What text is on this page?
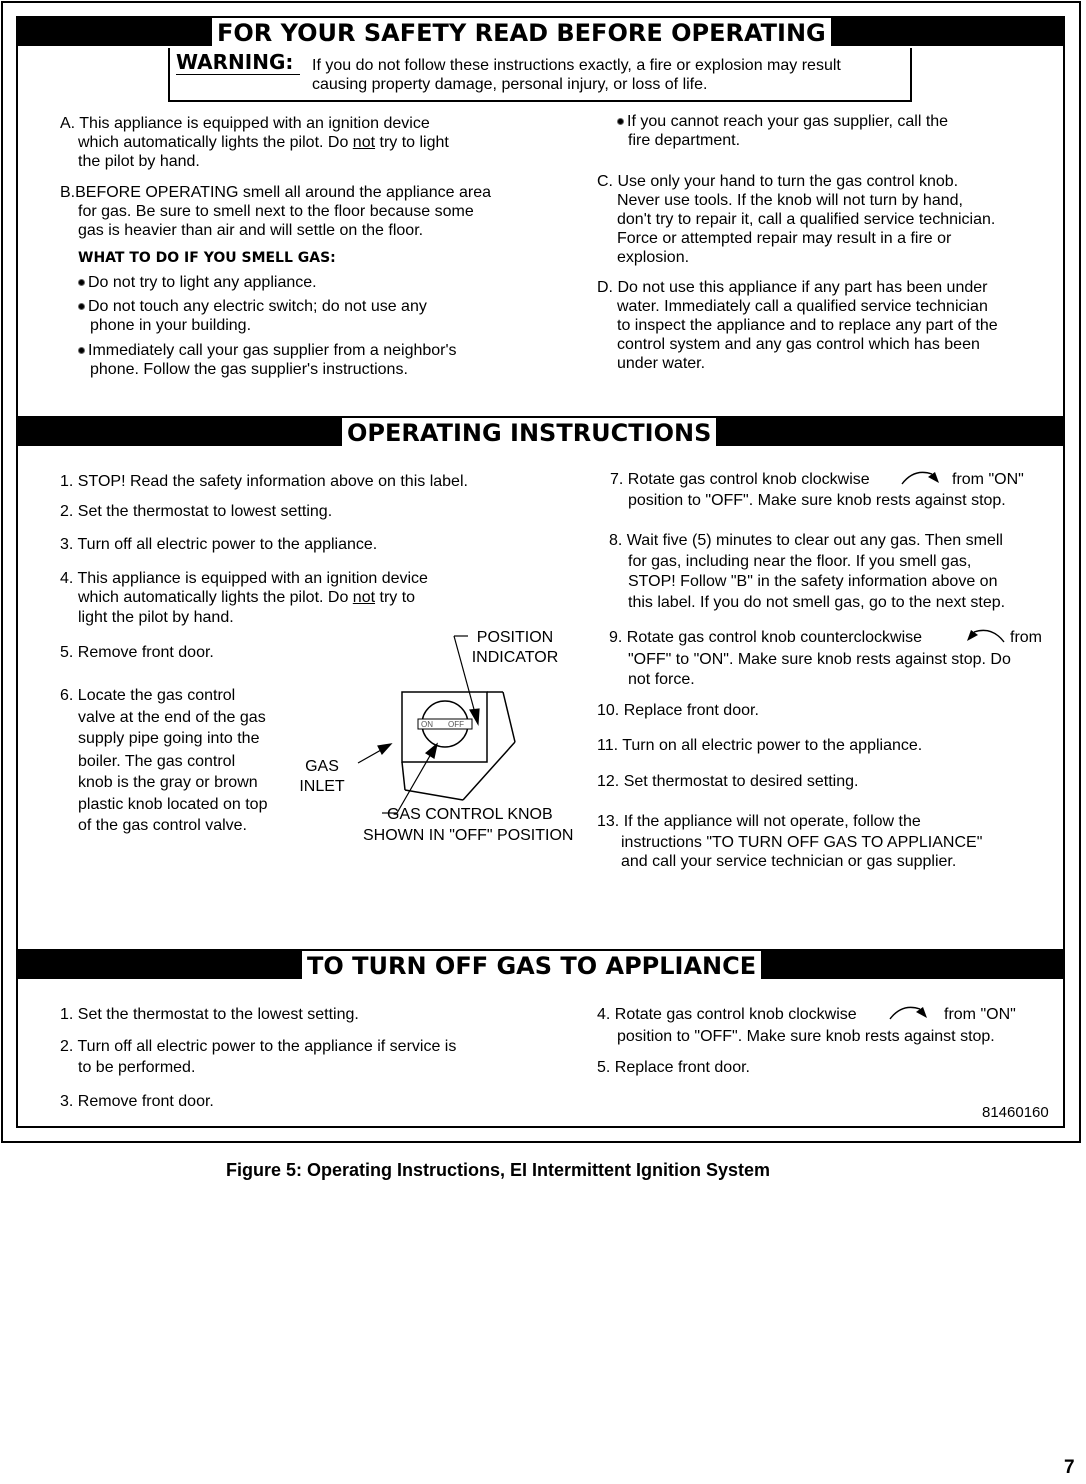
FOR YOUR SAFETY READ BEFORE OPERATING
WARNING: If you do not follow these instructions exactly, a fire or explosion may result
causing property damage, personal injury, or loss of life.
A. This appliance is equipped with an ignition device
which automatically lights the pilot. Do not try to light
the pilot by hand.
B.BEFORE OPERATING smell all around the appliance area
for gas. Be sure to smell next to the floor because some
gas is heavier than air and will settle on the floor.
WHAT TO DO IF YOU SMELL GAS:
Do not try to light any appliance.
Do not touch any electric switch; do not use any
phone in your building.
Immediately call your gas supplier from a neighbor's
phone. Follow the gas supplier's instructions.
If you cannot reach your gas supplier, call the
fire department.
C. Use only your hand to turn the gas control knob.
Never use tools. If the knob will not turn by hand,
don't try to repair it, call a qualified service technician.
Force or attempted repair may result in a fire or
explosion.
D. Do not use this appliance if any part has been under
water. Immediately call a qualified service technician
to inspect the appliance and to replace any part of the
control system and any gas control which has been
under water.
OPERATING INSTRUCTIONS
1. STOP! Read the safety information above on this label.
2. Set the thermostat to lowest setting.
3. Turn off all electric power to the appliance.
4. This appliance is equipped with an ignition device
which automatically lights the pilot. Do not try to
light the pilot by hand.
5. Remove front door.
6. Locate the gas control
valve at the end of the gas
supply pipe going into the
boiler. The gas control
knob is the gray or brown
plastic knob located on top
of the gas control valve.
ON OFF
POSITION
INDICATOR
GAS
INLET
GAS CONTROL KNOB
SHOWN IN "OFF" POSITION
7. Rotate gas control knob clockwise	from "ON"
position to "OFF". Make sure knob rests against stop.
8. Wait five (5) minutes to clear out any gas. Then smell
for gas, including near the floor. If you smell gas,
STOP! Follow "B" in the safety information above on
this label. If you do not smell gas, go to the next step.
9. Rotate gas control knob counterclockwise	from
"OFF" to "ON". Make sure knob rests against stop. Do
not force.
10. Replace front door.
11. Turn on all electric power to the appliance.
12. Set thermostat to desired setting.
13. If the appliance will not operate, follow the
instructions "TO TURN OFF GAS TO APPLIANCE"
and call your service technician or gas supplier.
TO TURN OFF GAS TO APPLIANCE
1. Set the thermostat to the lowest setting.
2. Turn off all electric power to the appliance if service is
to be performed.
3. Remove front door.
4. Rotate gas control knob clockwise	from "ON"
position to "OFF". Make sure knob rests against stop.
5. Replace front door.
81460160
Figure 5: Operating Instructions, EI Intermittent Ignition System
7
